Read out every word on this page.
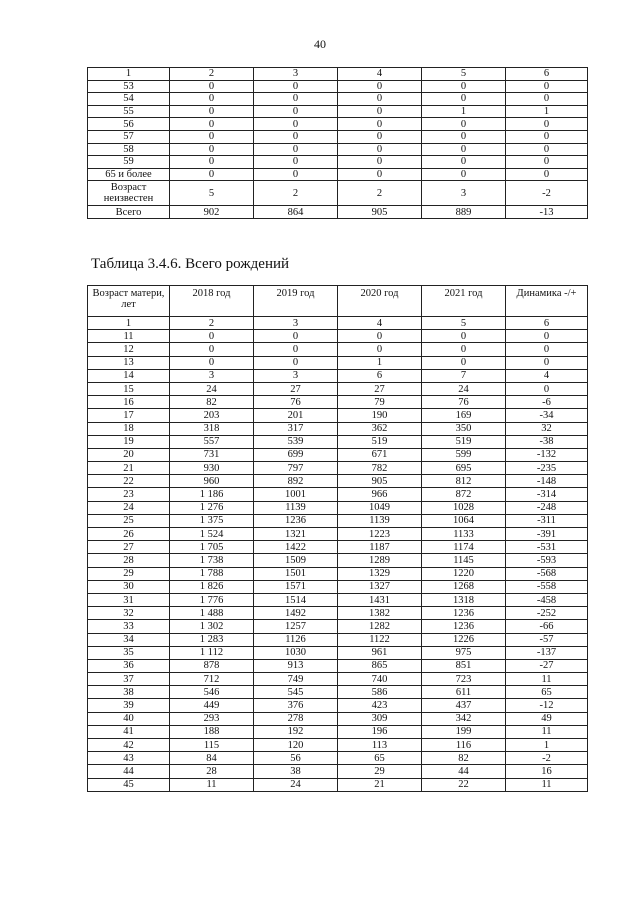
40
1	2	3	4	5	6
53	0	0	0	0	0
54	0	0	0	0	0
55	0	0	0	1	1
56	0	0	0	0	0
57	0	0	0	0	0
58	0	0	0	0	0
59	0	0	0	0	0
65 и более	0	0	0	0	0
Возраст неизвестен	5	2	2	3	-2
Всего	902	864	905	889	-13
Таблица 3.4.6. Всего рождений
Возраст матери, лет	2018 год	2019 год	2020 год	2021 год	Динамика -/+
1	2	3	4	5	6
11	0	0	0	0	0
12	0	0	0	0	0
13	0	0	1	0	0
14	3	3	6	7	4
15	24	27	27	24	0
16	82	76	79	76	-6
17	203	201	190	169	-34
18	318	317	362	350	32
19	557	539	519	519	-38
20	731	699	671	599	-132
21	930	797	782	695	-235
22	960	892	905	812	-148
23	1 186	1001	966	872	-314
24	1 276	1139	1049	1028	-248
25	1 375	1236	1139	1064	-311
26	1 524	1321	1223	1133	-391
27	1 705	1422	1187	1174	-531
28	1 738	1509	1289	1145	-593
29	1 788	1501	1329	1220	-568
30	1 826	1571	1327	1268	-558
31	1 776	1514	1431	1318	-458
32	1 488	1492	1382	1236	-252
33	1 302	1257	1282	1236	-66
34	1 283	1126	1122	1226	-57
35	1 112	1030	961	975	-137
36	878	913	865	851	-27
37	712	749	740	723	11
38	546	545	586	611	65
39	449	376	423	437	-12
40	293	278	309	342	49
41	188	192	196	199	11
42	115	120	113	116	1
43	84	56	65	82	-2
44	28	38	29	44	16
45	11	24	21	22	11
